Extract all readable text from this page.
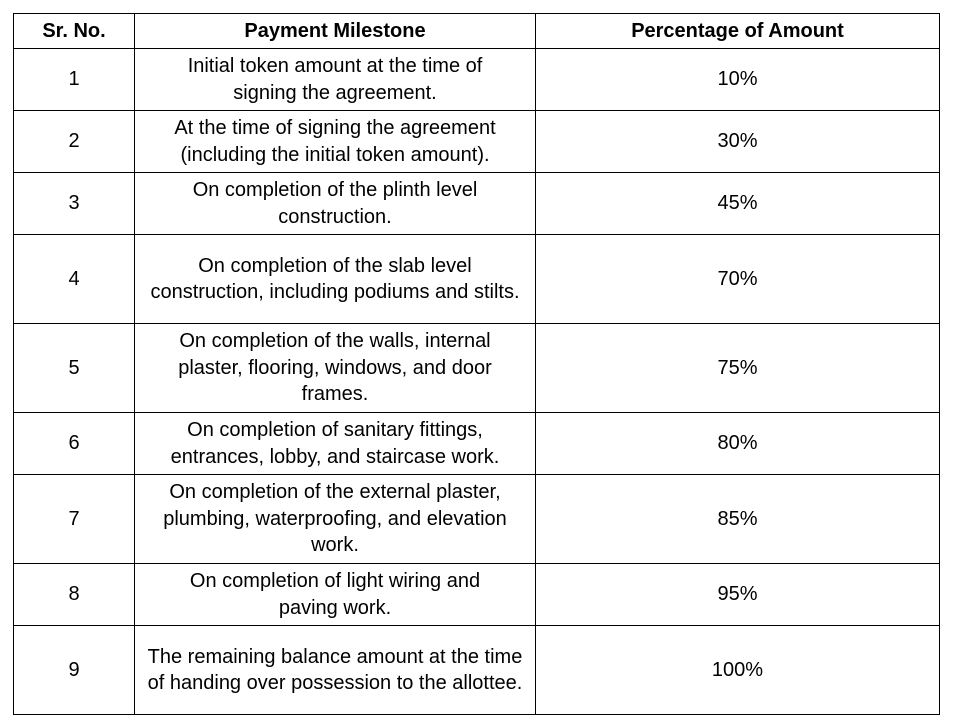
Sr. No.	Payment Milestone	Percentage of Amount
1	Initial token amount at the time of signing the agreement.	10%
2	At the time of signing the agreement (including the initial token amount).	30%
3	On completion of the plinth level construction.	45%
4	On completion of the slab level construction, including podiums and stilts.	70%
5	On completion of the walls, internal plaster, flooring, windows, and door frames.	75%
6	On completion of sanitary fittings, entrances, lobby, and staircase work.	80%
7	On completion of the external plaster, plumbing, waterproofing, and elevation work.	85%
8	On completion of light wiring and paving work.	95%
9	The remaining balance amount at the time of handing over possession to the allottee.	100%
